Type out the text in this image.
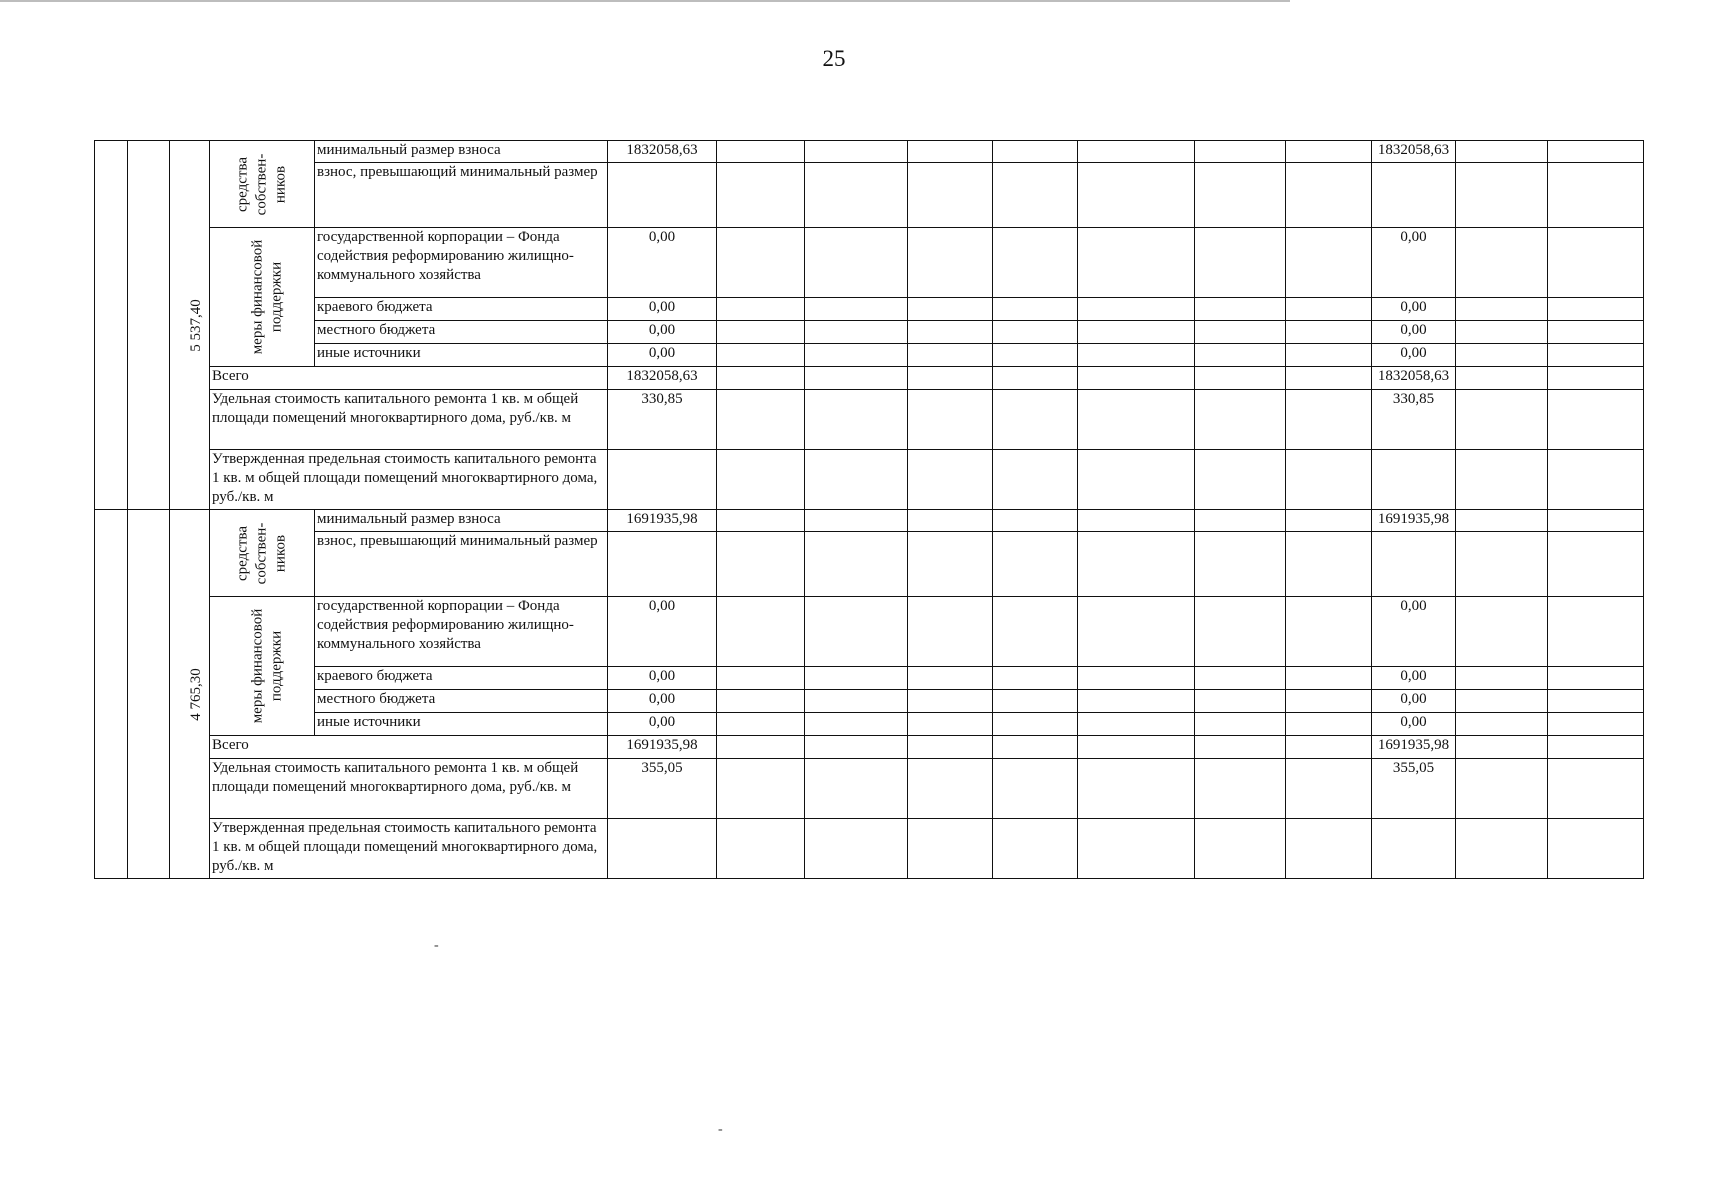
25
		5 537,40	средства собствен- ников	минимальный размер взноса	1832058,63								1832058,63		
				взнос, превышающий минимальный размер											
			меры финансовой поддержки	государственной корпорации – Фонда содействия реформированию жилищно-коммунального хозяйства	0,00								0,00		
				краевого бюджета	0,00								0,00		
				местного бюджета	0,00								0,00		
				иные источники	0,00								0,00		
			Всего		1832058,63								1832058,63		
			Удельная стоимость капитального ремонта 1 кв. м общей площади помещений многоквартирного дома, руб./кв. м		330,85								330,85		
			Утвержденная предельная стоимость капитального ремонта 1 кв. м общей площади помещений многоквартирного дома, руб./кв. м												
		4 765,30	средства собствен- ников	минимальный размер взноса	1691935,98								1691935,98		
				взнос, превышающий минимальный размер											
			меры финансовой поддержки	государственной корпорации – Фонда содействия реформированию жилищно-коммунального хозяйства	0,00								0,00		
				краевого бюджета	0,00								0,00		
				местного бюджета	0,00								0,00		
				иные источники	0,00								0,00		
			Всего		1691935,98								1691935,98		
			Удельная стоимость капитального ремонта 1 кв. м общей площади помещений многоквартирного дома, руб./кв. м		355,05								355,05		
			Утвержденная предельная стоимость капитального ремонта 1 кв. м общей площади помещений многоквартирного дома, руб./кв. м												
-
-
